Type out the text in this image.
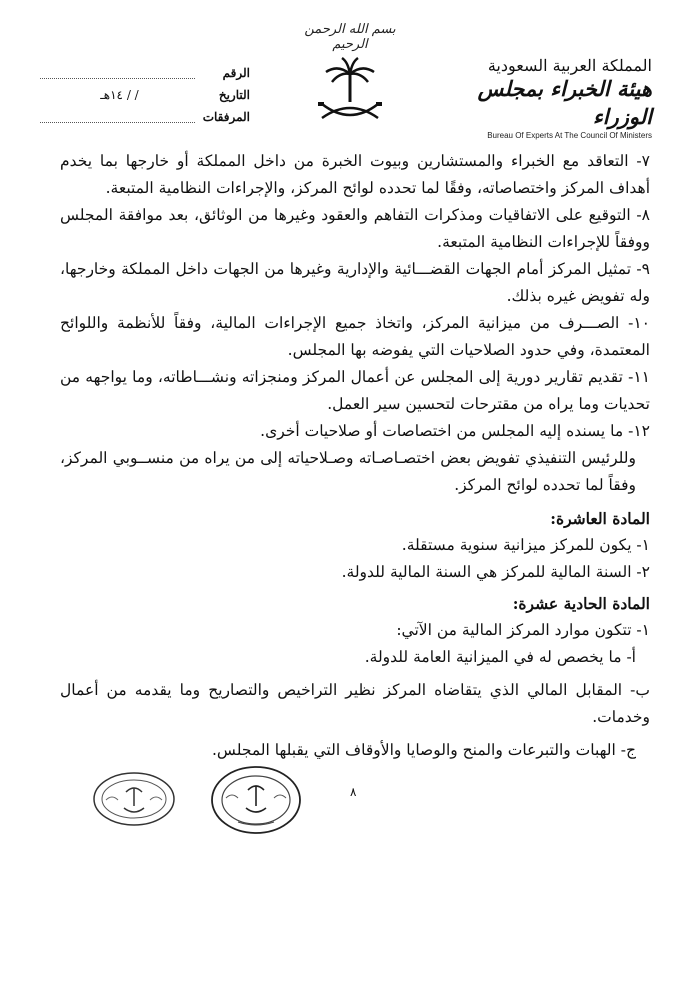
بسم الله الرحمن الرحيم
الرقم
التاريخ
/ / ١٤هـ
المرفقات
المملكة العربية السعودية
هيئة الخبراء بمجلس الوزراء
Bureau Of Experts At The Council Of Ministers

٧- التعاقد مع الخبراء والمستشارين وبيوت الخبرة من داخل المملكة أو خارجها بما يخدم أهداف المركز واختصاصاته، وفقًا لما تحدده لوائح المركز، والإجراءات النظامية المتبعة.

٨- التوقيع على الاتفاقيات ومذكرات التفاهم والعقود وغيرها من الوثائق، بعد موافقة المجلس ووفقاً للإجراءات النظامية المتبعة.

٩- تمثيل المركز أمام الجهات القضـــائية والإدارية وغيرها من الجهات داخل المملكة وخارجها، وله تفويض غيره بذلك.

١٠- الصـــرف من ميزانية المركز، واتخاذ جميع الإجراءات المالية، وفقاً للأنظمة واللوائح المعتمدة، وفي حدود الصلاحيات التي يفوضه بها المجلس.

١١- تقديم تقارير دورية إلى المجلس عن أعمال المركز ومنجزاته ونشـــاطاته، وما يواجهه من تحديات وما يراه من مقترحات لتحسين سير العمل.

١٢- ما يسنده إليه المجلس من اختصاصات أو صلاحيات أخرى.

وللرئيس التنفيذي تفويض بعض اختصـاصـاته وصـلاحياته إلى من يراه من منســوبي المركز، وفقاً لما تحدده لوائح المركز.

المادة العاشرة:

١- يكون للمركز ميزانية سنوية مستقلة.

٢- السنة المالية للمركز هي السنة المالية للدولة.

المادة الحادية عشرة:

١- تتكون موارد المركز المالية من الآتي:

أ- ما يخصص له في الميزانية العامة للدولة.

ب- المقابل المالي الذي يتقاضاه المركز نظير التراخيص والتصاريح وما يقدمه من أعمال وخدمات.

ج- الهبات والتبرعات والمنح والوصايا والأوقاف التي يقبلها المجلس.

٨
